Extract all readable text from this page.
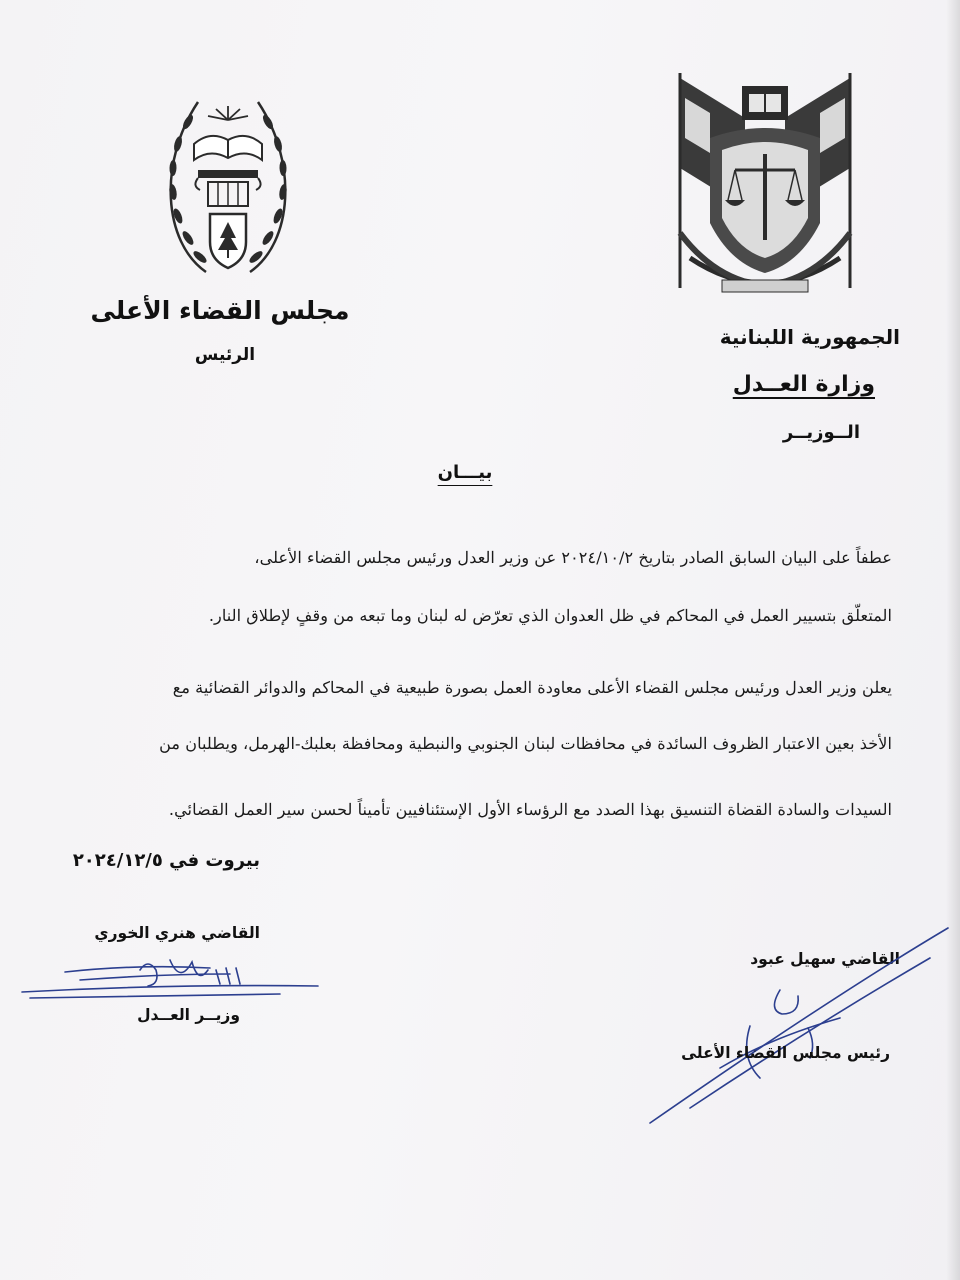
مجلس القضاء الأعلى
الرئيس
الجمهورية اللبنانية
وزارة العــدل
الــوزيــر
بيـــان
عطفاً على البيان السابق الصادر بتاريخ ٢٠٢٤/١٠/٢ عن وزير العدل ورئيس مجلس القضاء الأعلى،
المتعلّق بتسيير العمل في المحاكم في ظل العدوان الذي تعرّض له لبنان وما تبعه من وقفٍ لإطلاق النار.
يعلن وزير العدل ورئيس مجلس القضاء الأعلى معاودة العمل بصورة طبيعية في المحاكم والدوائر القضائية مع
الأخذ بعين الاعتبار الظروف السائدة في محافظات لبنان الجنوبي والنبطية ومحافظة بعلبك-الهرمل، ويطلبان من
السيدات والسادة القضاة التنسيق بهذا الصدد مع الرؤساء الأول الإستئنافيين تأميناً لحسن سير العمل القضائي.
بيروت في ٢٠٢٤/١٢/٥
القاضي هنري الخوري
وزيــر العــدل
القاضي سهيل عبود
رئيس مجلس القضاء الأعلى
